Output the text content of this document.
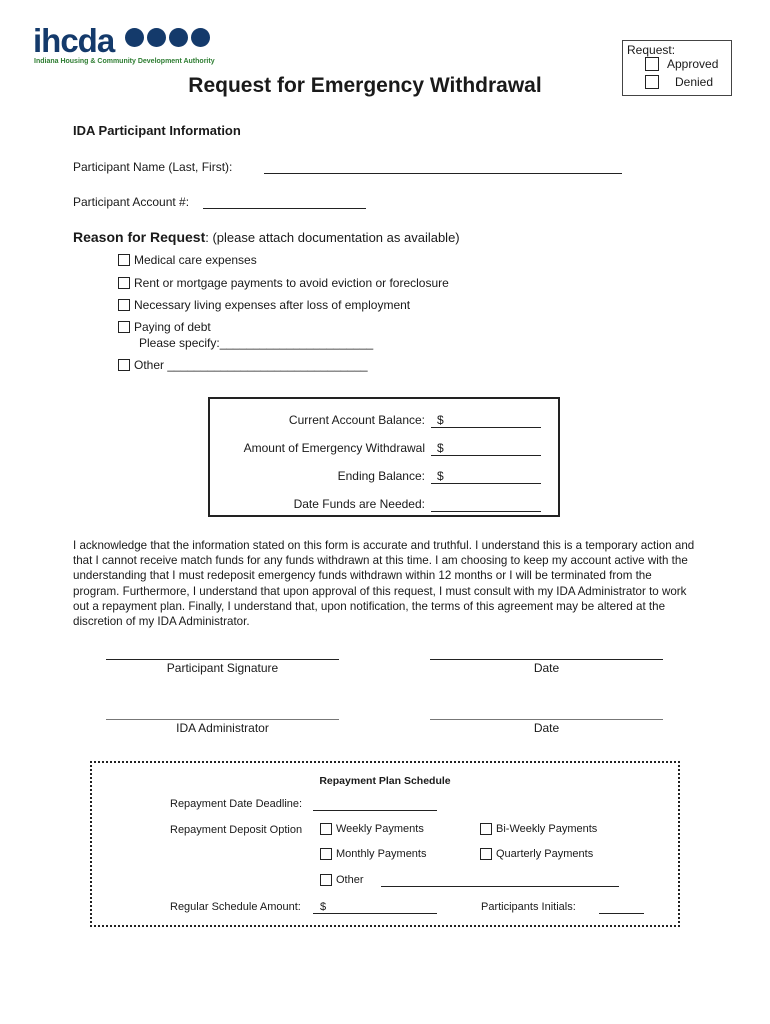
ihcda
Indiana Housing & Community Development Authority
Request:
Approved
Denied
Request for Emergency Withdrawal
IDA Participant Information
Participant Name (Last, First):
Participant Account #:
Reason for Request: (please attach documentation as available)
Medical care expenses
Rent or mortgage payments to avoid eviction or foreclosure
Necessary living expenses after loss of employment
Paying of debt
Please specify:_______________________
Other ______________________________
Current Account Balance: $
Amount of Emergency Withdrawal $
Ending Balance: $
Date Funds are Needed:
I acknowledge that the information stated on this form is accurate and truthful. I understand this is a temporary action and that I cannot receive match funds for any funds withdrawn at this time. I am choosing to keep my account active with the understanding that I must redeposit emergency funds withdrawn within 12 months or I will be terminated from the program. Furthermore, I understand that upon approval of this request, I must consult with my IDA Administrator to work out a repayment plan. Finally, I understand that, upon notification, the terms of this agreement may be altered at the discretion of my IDA Administrator.
Participant Signature	Date
IDA Administrator	Date
Repayment Plan Schedule
Repayment Date Deadline:
Repayment Deposit Option	Weekly Payments	Bi-Weekly Payments
Monthly Payments	Quarterly Payments
Other
Regular Schedule Amount: $	Participants Initials:
